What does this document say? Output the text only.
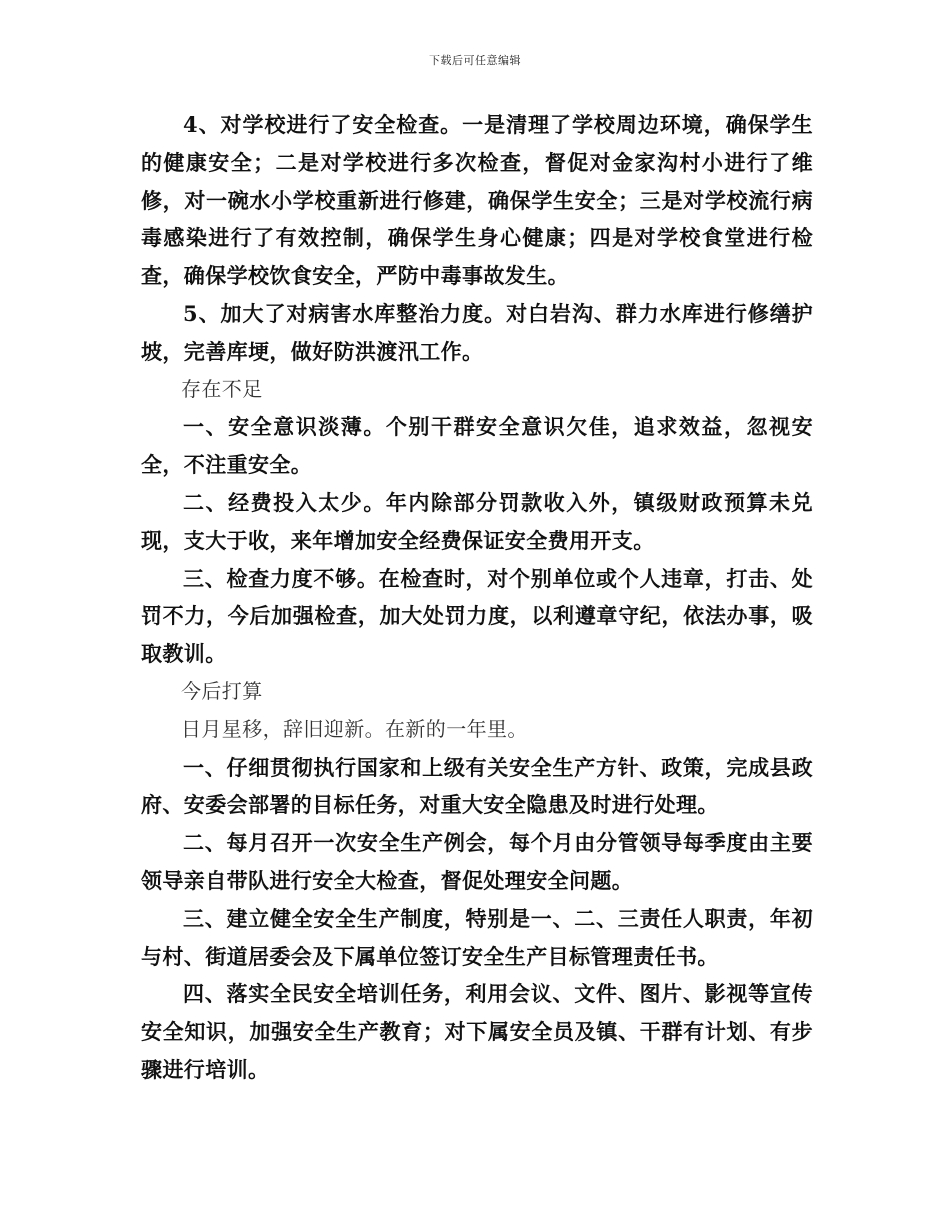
下载后可任意编辑

4、对学校进行了安全检查。一是清理了学校周边环境，确保学生的健康安全；二是对学校进行多次检查，督促对金家沟村小进行了维修，对一碗水小学校重新进行修建，确保学生安全；三是对学校流行病毒感染进行了有效控制，确保学生身心健康；四是对学校食堂进行检查，确保学校饮食安全，严防中毒事故发生。

5、加大了对病害水库整治力度。对白岩沟、群力水库进行修缮护坡，完善库埂，做好防洪渡汛工作。

存在不足

一、安全意识淡薄。个别干群安全意识欠佳，追求效益，忽视安全，不注重安全。

二、经费投入太少。年内除部分罚款收入外，镇级财政预算未兑现，支大于收，来年增加安全经费保证安全费用开支。

三、检查力度不够。在检查时，对个别单位或个人违章，打击、处罚不力，今后加强检查，加大处罚力度，以利遵章守纪，依法办事，吸取教训。

今后打算

日月星移，辞旧迎新。在新的一年里。

一、仔细贯彻执行国家和上级有关安全生产方针、政策，完成县政府、安委会部署的目标任务，对重大安全隐患及时进行处理。

二、每月召开一次安全生产例会，每个月由分管领导每季度由主要领导亲自带队进行安全大检查，督促处理安全问题。

三、建立健全安全生产制度，特别是一、二、三责任人职责，年初与村、街道居委会及下属单位签订安全生产目标管理责任书。

四、落实全民安全培训任务，利用会议、文件、图片、影视等宣传安全知识，加强安全生产教育；对下属安全员及镇、干群有计划、有步骤进行培训。
